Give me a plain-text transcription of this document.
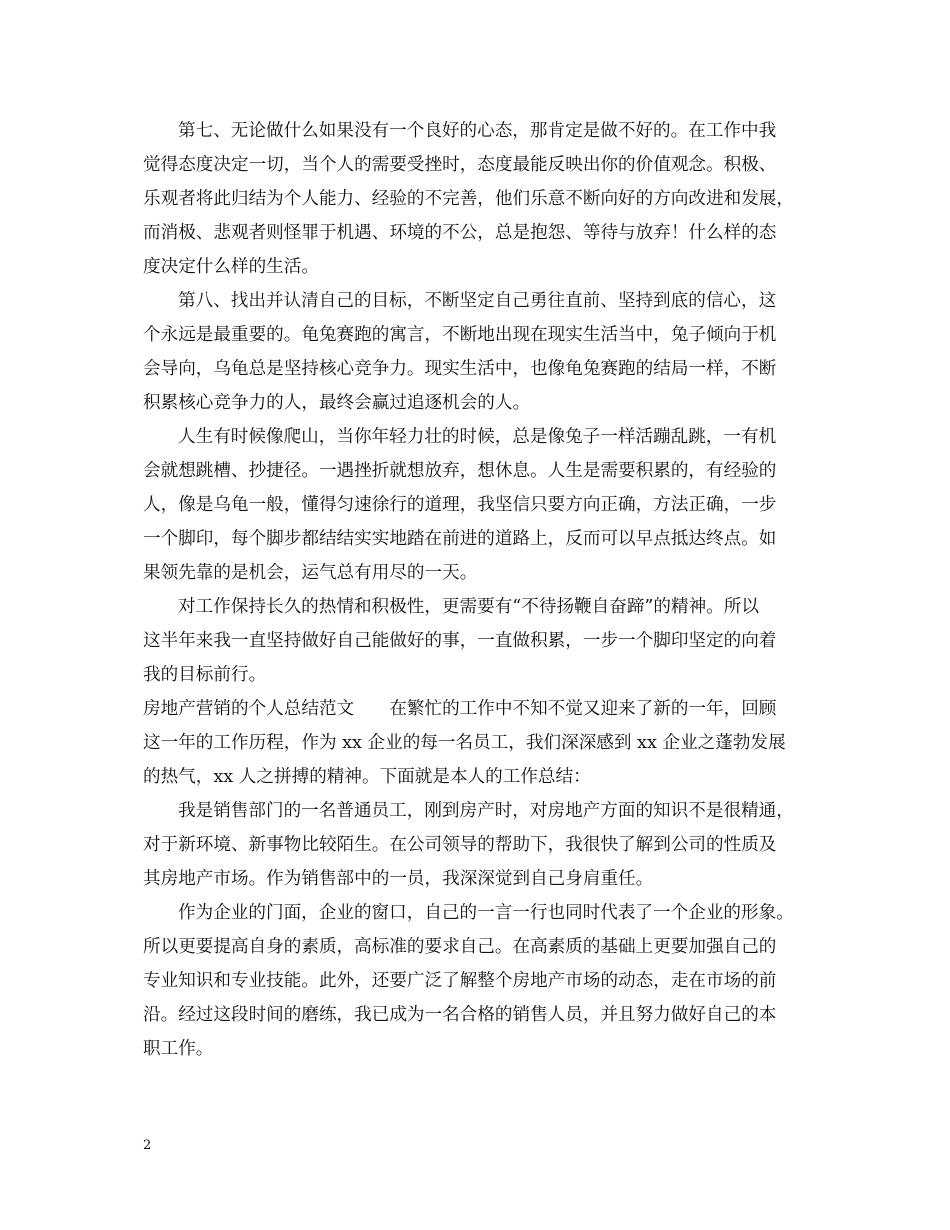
第七、无论做什么如果没有一个良好的心态，那肯定是做不好的。在工作中我
觉得态度决定一切，当个人的需要受挫时，态度最能反映出你的价值观念。积极、
乐观者将此归结为个人能力、经验的不完善，他们乐意不断向好的方向改进和发展，
而消极、悲观者则怪罪于机遇、环境的不公，总是抱怨、等待与放弃！什么样的态
度决定什么样的生活。
第八、找出并认清自己的目标，不断坚定自己勇往直前、坚持到底的信心，这
个永远是最重要的。龟兔赛跑的寓言，不断地出现在现实生活当中，兔子倾向于机
会导向，乌龟总是坚持核心竞争力。现实生活中，也像龟兔赛跑的结局一样，不断
积累核心竞争力的人，最终会赢过追逐机会的人。
人生有时候像爬山，当你年轻力壮的时候，总是像兔子一样活蹦乱跳，一有机
会就想跳槽、抄捷径。一遇挫折就想放弃，想休息。人生是需要积累的，有经验的
人，像是乌龟一般，懂得匀速徐行的道理，我坚信只要方向正确，方法正确，一步
一个脚印，每个脚步都结结实实地踏在前进的道路上，反而可以早点抵达终点。如
果领先靠的是机会，运气总有用尽的一天。
对工作保持长久的热情和积极性，更需要有“不待扬鞭自奋蹄”的精神。所以
这半年来我一直坚持做好自己能做好的事，一直做积累，一步一个脚印坚定的向着
我的目标前行。
房地产营销的个人总结范文　　在繁忙的工作中不知不觉又迎来了新的一年，回顾
这一年的工作历程，作为 xx 企业的每一名员工，我们深深感到 xx 企业之蓬勃发展
的热气，xx 人之拼搏的精神。下面就是本人的工作总结：
我是销售部门的一名普通员工，刚到房产时，对房地产方面的知识不是很精通，
对于新环境、新事物比较陌生。在公司领导的帮助下，我很快了解到公司的性质及
其房地产市场。作为销售部中的一员，我深深觉到自己身肩重任。
作为企业的门面，企业的窗口，自己的一言一行也同时代表了一个企业的形象。
所以更要提高自身的素质，高标准的要求自己。在高素质的基础上更要加强自己的
专业知识和专业技能。此外，还要广泛了解整个房地产市场的动态，走在市场的前
沿。经过这段时间的磨练，我已成为一名合格的销售人员，并且努力做好自己的本
职工作。
2
